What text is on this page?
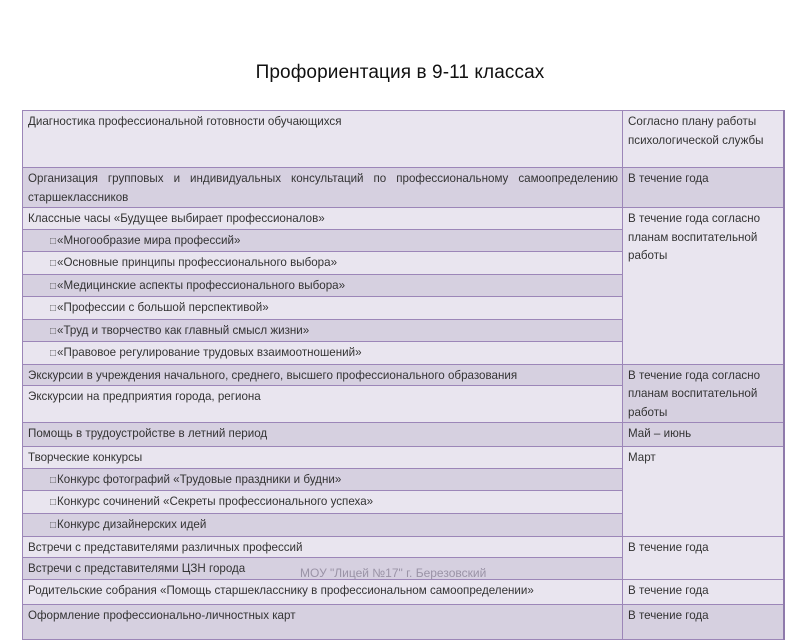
Профориентация в 9-11 классах
Диагностика профессиональной готовности обучающихся	Согласно плану работы психологической службы
Организация групповых и индивидуальных консультаций по профессиональному самоопределению старшеклассников	В течение года
Классные часы «Будущее выбирает профессионалов»	В течение года согласно планам воспитательной работы
□«Многообразие мира профессий»	
□«Основные принципы профессионального выбора»	
□«Медицинские аспекты профессионального выбора»	
□«Профессии с большой перспективой»	
□«Труд и творчество как главный смысл жизни»	
□«Правовое регулирование трудовых взаимоотношений»	
Экскурсии в учреждения начального, среднего, высшего профессионального образования	В течение года согласно планам воспитательной работы
Экскурсии на предприятия города, региона	
Помощь в трудоустройстве в летний период	Май – июнь
Творческие конкурсы	Март
□Конкурс фотографий «Трудовые праздники и будни»	
□Конкурс сочинений «Секреты профессионального успеха»	
□Конкурс дизайнерских идей	
Встречи с представителями различных профессий	В течение года
Встречи с представителями ЦЗН города	
Родительские собрания «Помощь старшекласснику в профессиональном самоопределении»	В течение года
Оформление профессионально-личностных карт	В течение года
МОУ "Лицей №17" г. Березовский
